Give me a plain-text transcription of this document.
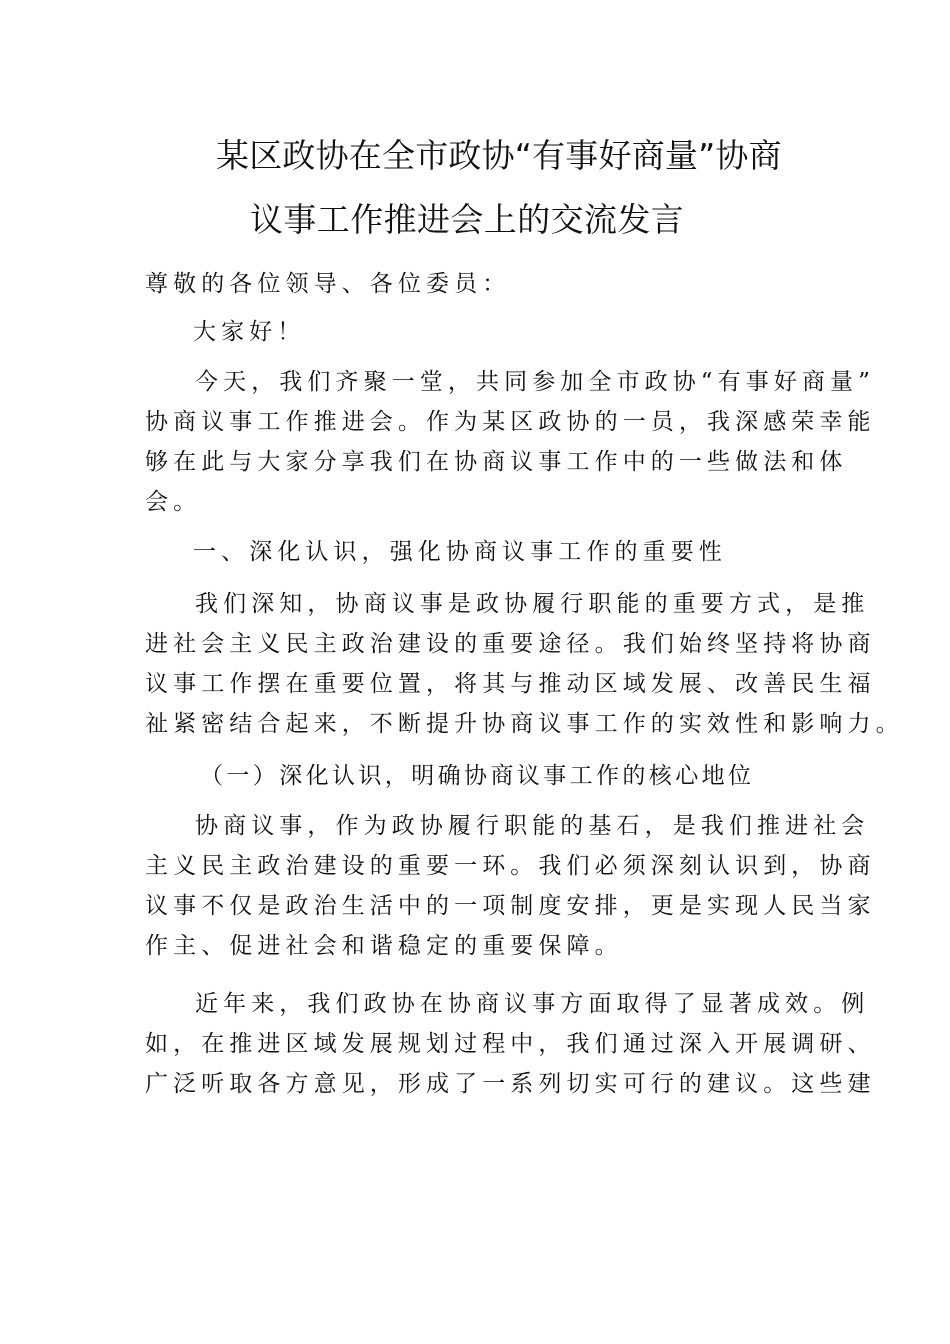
某区政协在全市政协“有事好商量”协商
议事工作推进会上的交流发言

尊敬的各位领导、各位委员：

大家好！

今天，我们齐聚一堂，共同参加全市政协“有事好商量”
协商议事工作推进会。作为某区政协的一员，我深感荣幸能
够在此与大家分享我们在协商议事工作中的一些做法和体
会。

一、深化认识，强化协商议事工作的重要性

我们深知，协商议事是政协履行职能的重要方式，是推
进社会主义民主政治建设的重要途径。我们始终坚持将协商
议事工作摆在重要位置，将其与推动区域发展、改善民生福
祉紧密结合起来，不断提升协商议事工作的实效性和影响力。

（一）深化认识，明确协商议事工作的核心地位

协商议事，作为政协履行职能的基石，是我们推进社会
主义民主政治建设的重要一环。我们必须深刻认识到，协商
议事不仅是政治生活中的一项制度安排，更是实现人民当家
作主、促进社会和谐稳定的重要保障。

近年来，我们政协在协商议事方面取得了显著成效。例
如，在推进区域发展规划过程中，我们通过深入开展调研、
广泛听取各方意见，形成了一系列切实可行的建议。这些建
